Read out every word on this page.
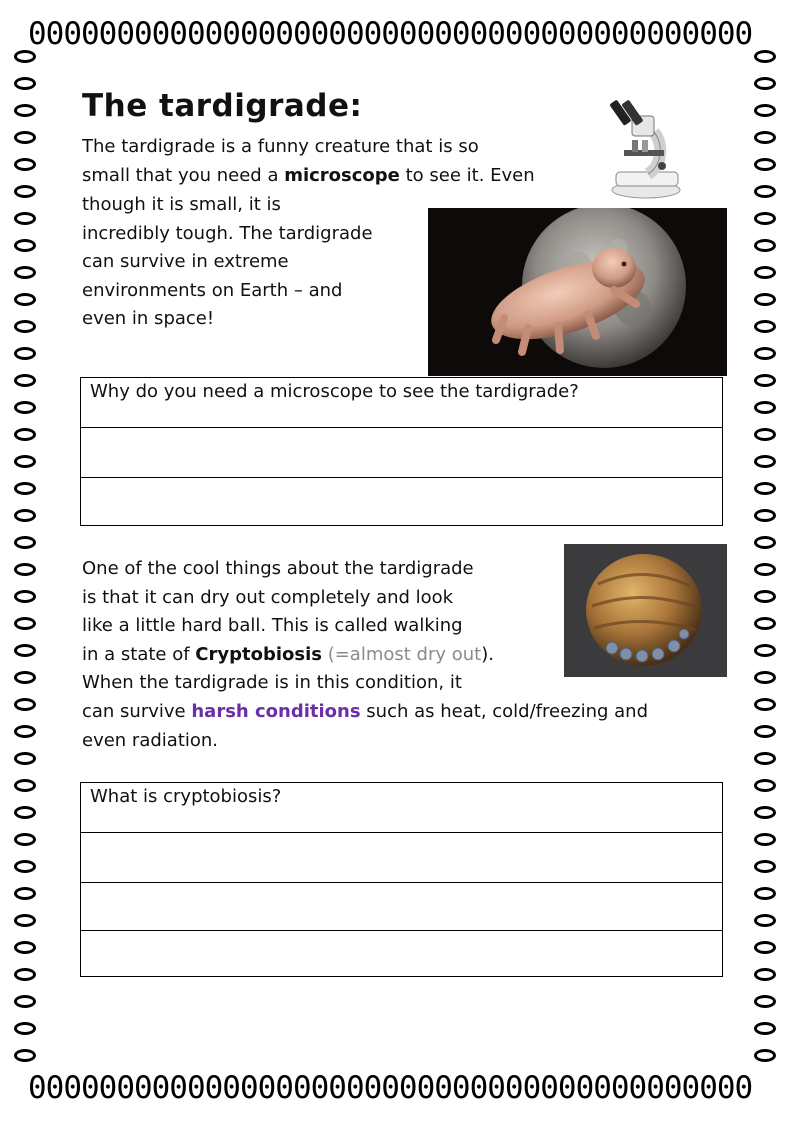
00000000000000000000000000000000000000000
00000000000000000000000000000000000000000
The tardigrade:
The tardigrade is a funny creature that is so
small that you need a microscope to see it. Even
though it is small, it is
incredibly tough. The tardigrade
can survive in extreme
environments on Earth – and
even in space!
Why do you need a microscope to see the tardigrade?
One of the cool things about the tardigrade
is that it can dry out completely and look
like a little hard ball. This is called walking
in a state of Cryptobiosis (=almost dry out).
When the tardigrade is in this condition, it
can survive harsh conditions such as heat, cold/freezing and
even radiation.
What is cryptobiosis?
